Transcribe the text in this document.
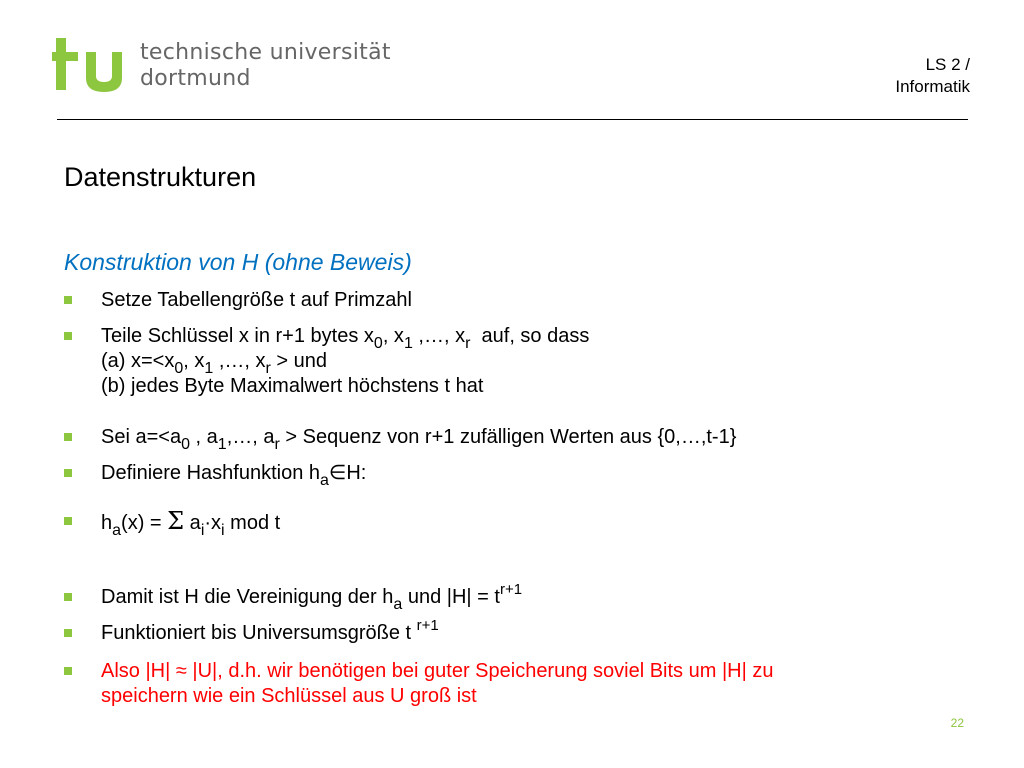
technische universität
dortmund
LS 2 /
Informatik
Datenstrukturen
Konstruktion von H (ohne Beweis)
Setze Tabellengröße t auf Primzahl
Teile Schlüssel x in r+1 bytes $x_0$, $x_1$ ,…, $x_r$  auf, so dass
(a) $x=<x_0$, $x_1$ ,…, $x_r$ > und
(b) jedes Byte Maximalwert höchstens t hat
Sei $a=<a_0$ , $a_1,\dots$, $a_r$ > Sequenz von r+1 zufälligen Werten aus {0,…,t-1}
Definiere Hashfunktion $h_a\in H$:
$h_a(x) = \Sigma$ $a_i\cdot x_i$ mod t
Damit ist H die Vereinigung der $h_a$ und $|H| = t^{r+1}$
Funktioniert bis Universumsgröße t $^{r+1}$
Also |H| ≈ |U|, d.h. wir benötigen bei guter Speicherung soviel Bits um |H| zu
speichern wie ein Schlüssel aus U groß ist
22
